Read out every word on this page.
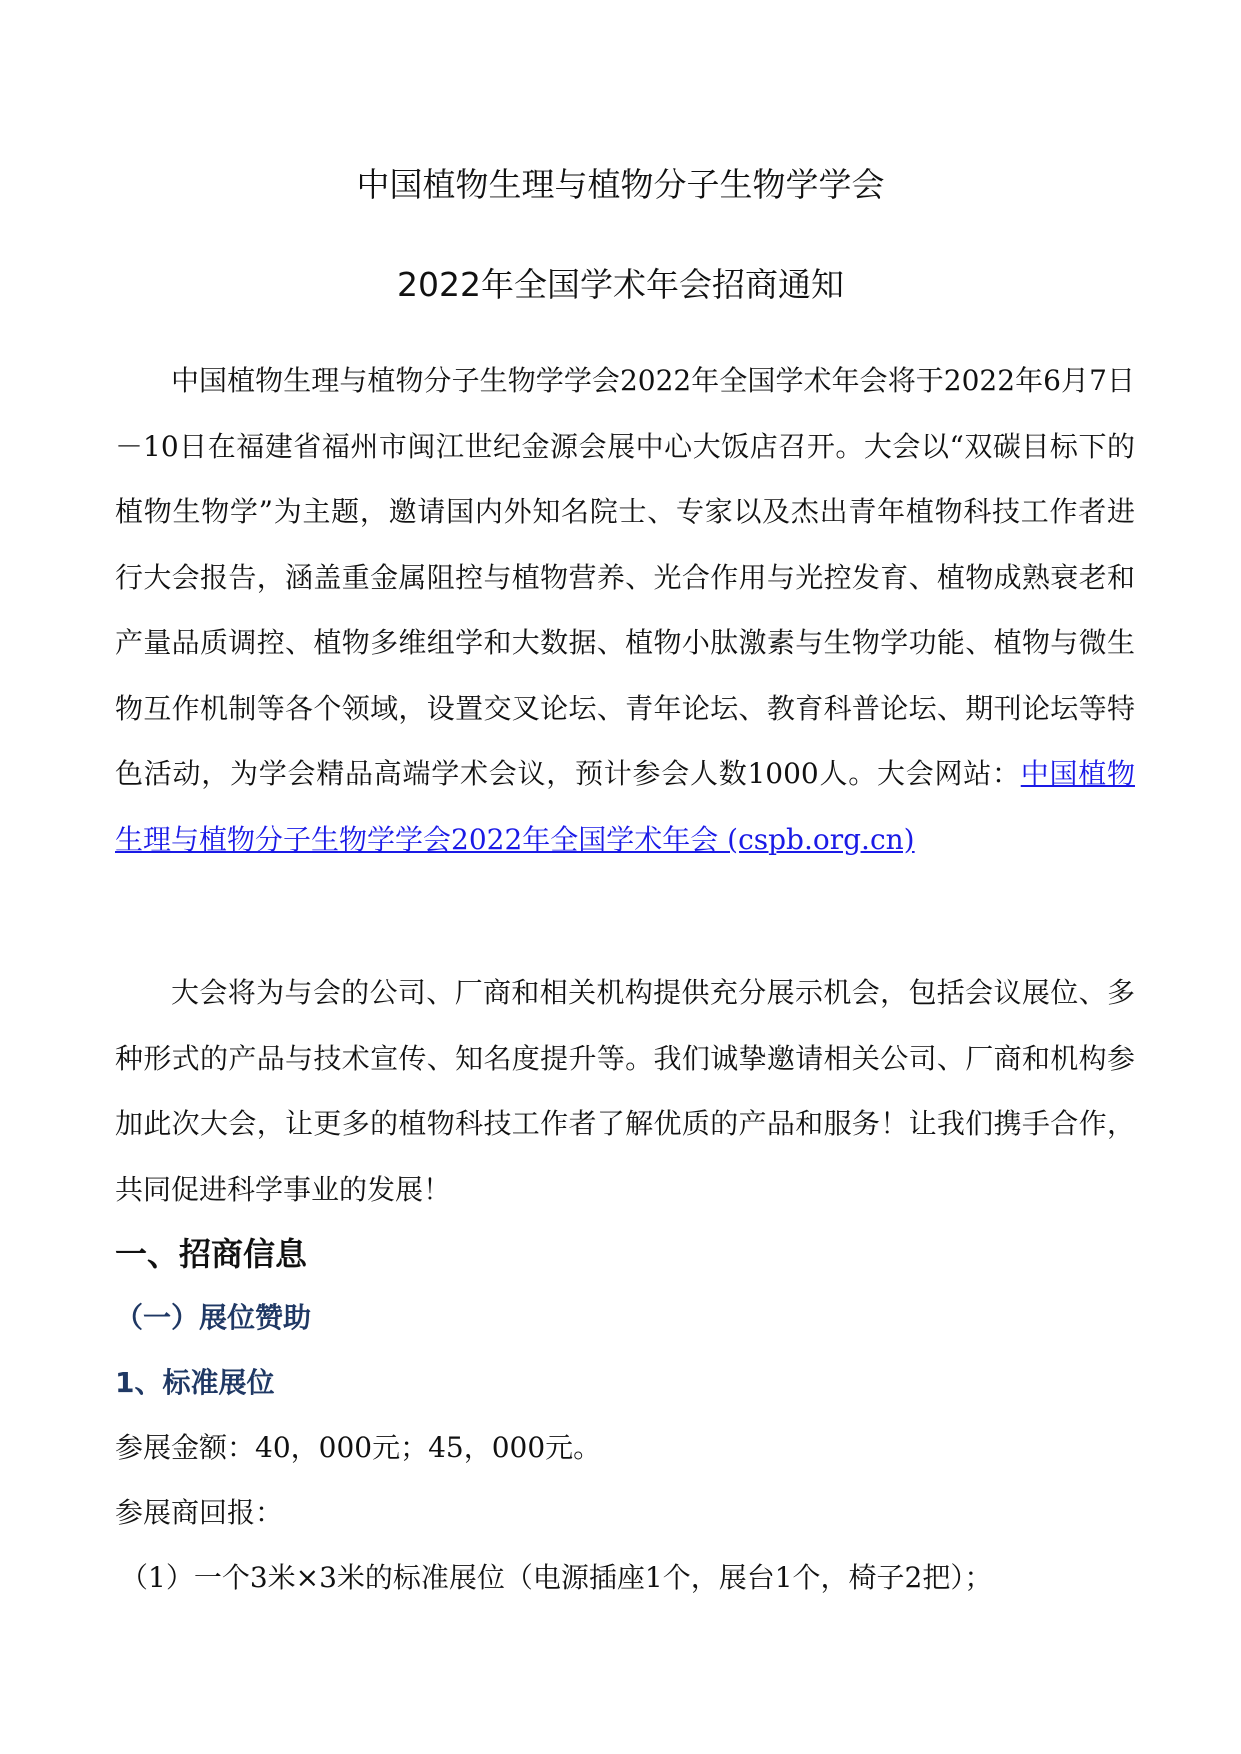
中国植物生理与植物分子生物学学会
2022年全国学术年会招商通知

中国植物生理与植物分子生物学学会2022年全国学术年会将于2022年6月7日－10日在福建省福州市闽江世纪金源会展中心大饭店召开。大会以“双碳目标下的植物生物学”为主题，邀请国内外知名院士、专家以及杰出青年植物科技工作者进行大会报告，涵盖重金属阻控与植物营养、光合作用与光控发育、植物成熟衰老和产量品质调控、植物多维组学和大数据、植物小肽激素与生物学功能、植物与微生物互作机制等各个领域，设置交叉论坛、青年论坛、教育科普论坛、期刊论坛等特色活动，为学会精品高端学术会议，预计参会人数1000人。大会网站：中国植物生理与植物分子生物学学会2022年全国学术年会 (cspb.org.cn)

大会将为与会的公司、厂商和相关机构提供充分展示机会，包括会议展位、多种形式的产品与技术宣传、知名度提升等。我们诚挚邀请相关公司、厂商和机构参加此次大会，让更多的植物科技工作者了解优质的产品和服务！让我们携手合作，共同促进科学事业的发展！

一、招商信息
（一）展位赞助
1、标准展位
参展金额：40，000元；45，000元。
参展商回报：
（1）一个3米×3米的标准展位（电源插座1个，展台1个，椅子2把）；
